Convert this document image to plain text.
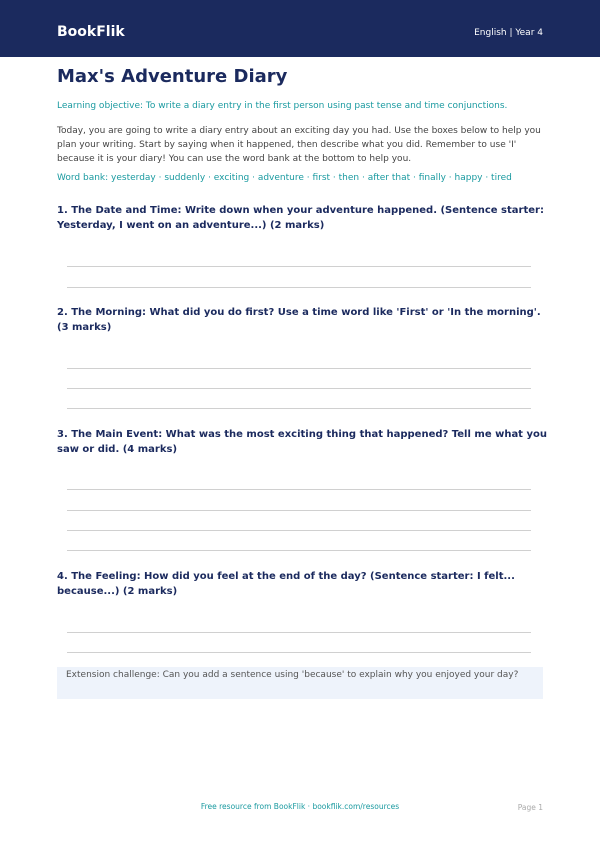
BookFlik	English | Year 4
Max's Adventure Diary
Learning objective: To write a diary entry in the first person using past tense and time conjunctions.
Today, you are going to write a diary entry about an exciting day you had. Use the boxes below to help you plan your writing. Start by saying when it happened, then describe what you did. Remember to use 'I' because it is your diary! You can use the word bank at the bottom to help you.
Word bank: yesterday · suddenly · exciting · adventure · first · then · after that · finally · happy · tired
1. The Date and Time: Write down when your adventure happened. (Sentence starter: Yesterday, I went on an adventure...) (2 marks)
2. The Morning: What did you do first? Use a time word like 'First' or 'In the morning'. (3 marks)
3. The Main Event: What was the most exciting thing that happened? Tell me what you saw or did. (4 marks)
4. The Feeling: How did you feel at the end of the day? (Sentence starter: I felt... because...) (2 marks)
Extension challenge: Can you add a sentence using 'because' to explain why you enjoyed your day?
Free resource from BookFlik · bookflik.com/resources	Page 1
